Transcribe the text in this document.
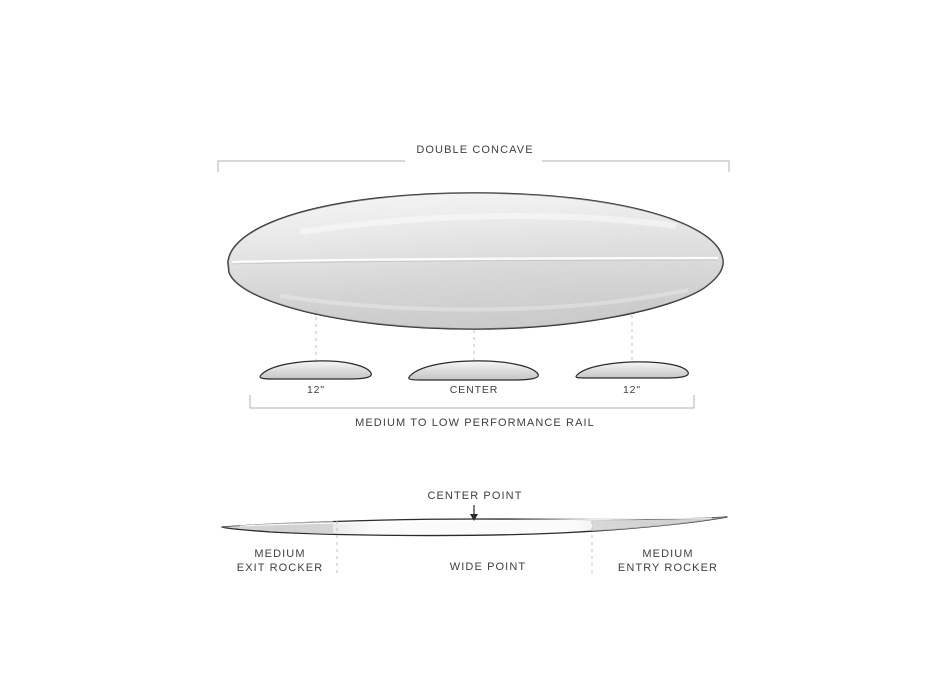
DOUBLE CONCAVE
12"	CENTER	12"
MEDIUM TO LOW PERFORMANCE RAIL
CENTER POINT
MEDIUM
EXIT ROCKER	WIDE POINT
MEDIUM
ENTRY ROCKER
